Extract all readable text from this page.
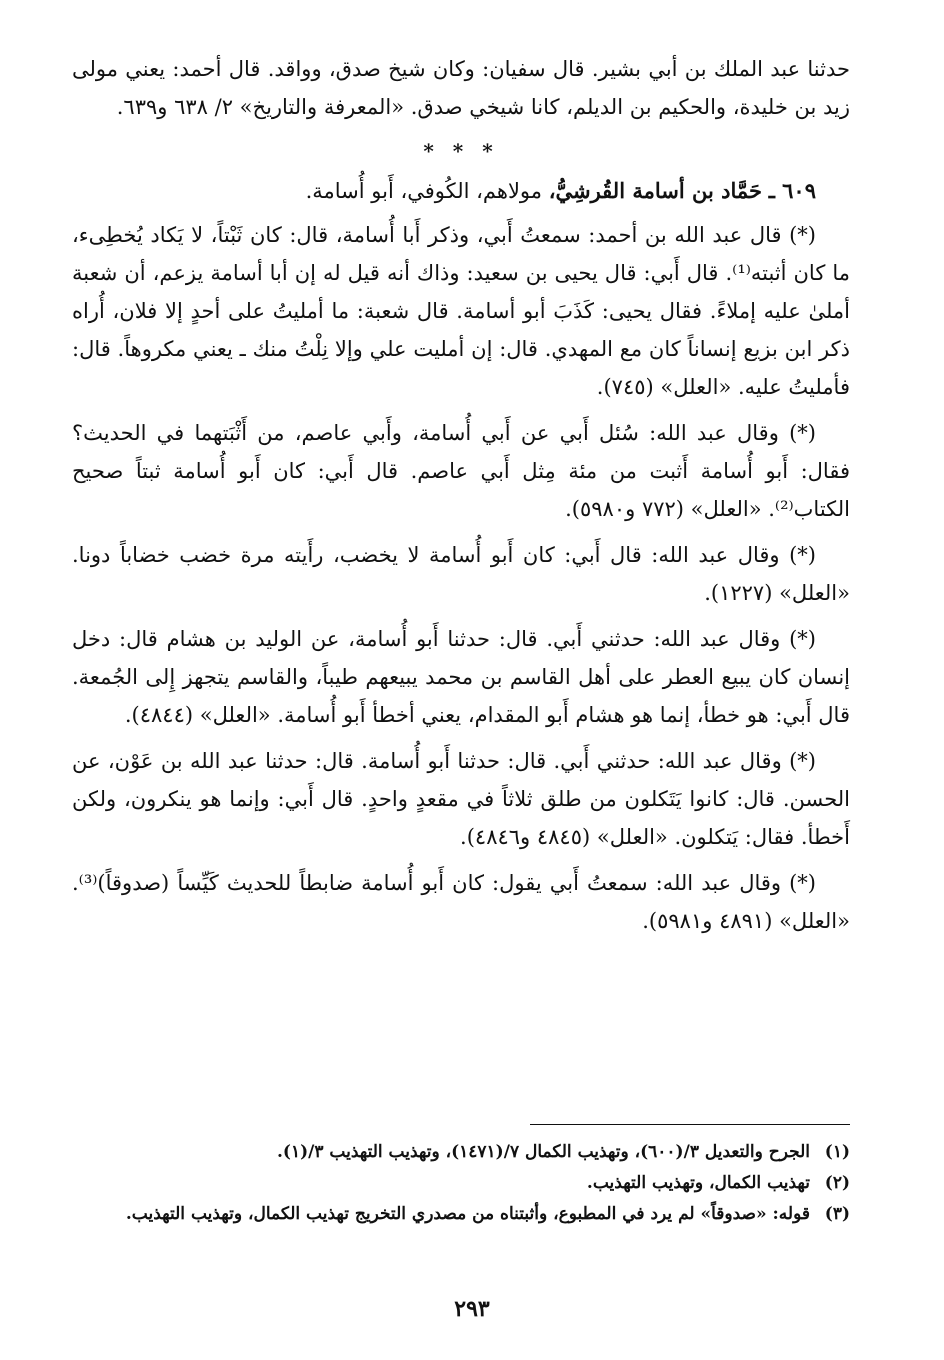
حدثنا عبد الملك بن أبي بشير. قال سفيان: وكان شيخ صدق، وواقد. قال أحمد: يعني مولى زيد بن خليدة، والحكيم بن الديلم، كانا شيخي صدق. «المعرفة والتاريخ» ٢/ ٦٣٨ و٦٣٩.

* * *

٦٠٩ ـ حَمَّاد بن أسامة القُرشِيُّ، مولاهم، الكُوفي، أَبو أُسامة.

(*) قال عبد الله بن أحمد: سمعتُ أَبي، وذكر أَبا أُسامة، قال: كان ثَبْتاً، لا يَكاد يُخطِىء، ما كان أثبته⁽¹⁾. قال أَبي: قال يحيى بن سعيد: وذاك أنه قيل له إن أبا أسامة يزعم، أن شعبة أملىٰ عليه إملاءً. فقال يحيى: كَذَبَ أبو أسامة. قال شعبة: ما أمليتُ على أحدٍ إلا فلان، أُراه ذكر ابن بزيع إنساناً كان مع المهدي. قال: إن أمليت علي وإلا نِلْتُ منك ـ يعني مكروهاً. قال: فأمليتُ عليه. «العلل» (٧٤٥).

(*) وقال عبد الله: سُئل أَبي عن أَبي أُسامة، وأَبي عاصم، من أَثْبَتهما في الحديث؟ فقال: أَبو أُسامة أَثبت من مئة مِثل أَبي عاصم. قال أَبي: كان أَبو أُسامة ثبتاً صحيح الكتاب⁽²⁾. «العلل» (٧٧٢ و٥٩٨٠).

(*) وقال عبد الله: قال أَبي: كان أَبو أُسامة لا يخضب، رأَيته مرة خضب خضاباً دونا. «العلل» (١٢٢٧).

(*) وقال عبد الله: حدثني أَبي. قال: حدثنا أَبو أُسامة، عن الوليد بن هشام قال: دخل إنسان كان يبيع العطر على أهل القاسم بن محمد يبيعهم طيباً، والقاسم يتجهز إِلى الجُمعة. قال أَبي: هو خطأ، إنما هو هشام أَبو المقدام، يعني أخطأ أَبو أُسامة. «العلل» (٤٨٤٤).

(*) وقال عبد الله: حدثني أَبي. قال: حدثنا أَبو أُسامة. قال: حدثنا عبد الله بن عَوْن، عن الحسن. قال: كانوا يَتَكلون من طلق ثلاثاً في مقعدٍ واحدٍ. قال أَبي: وإنما هو ينكرون، ولكن أَخطأ. فقال: يَتكلون. «العلل» (٤٨٤٥ و٤٨٤٦).

(*) وقال عبد الله: سمعتُ أَبي يقول: كان أَبو أُسامة ضابطاً للحديث كَيِّساً (صدوقاً)⁽³⁾. «العلل» (٤٨٩١ و٥٩٨١).

(١)
الجرح والتعديل ٣/(٦٠٠)، وتهذيب الكمال ٧/(١٤٧١)، وتهذيب التهذيب ٣/(١).
(٢)
تهذيب الكمال، وتهذيب التهذيب.
(٣)
قوله: «صدوقاً» لم يرد في المطبوع، وأثبتناه من مصدري التخريج تهذيب الكمال، وتهذيب التهذيب.
٢٩٣
